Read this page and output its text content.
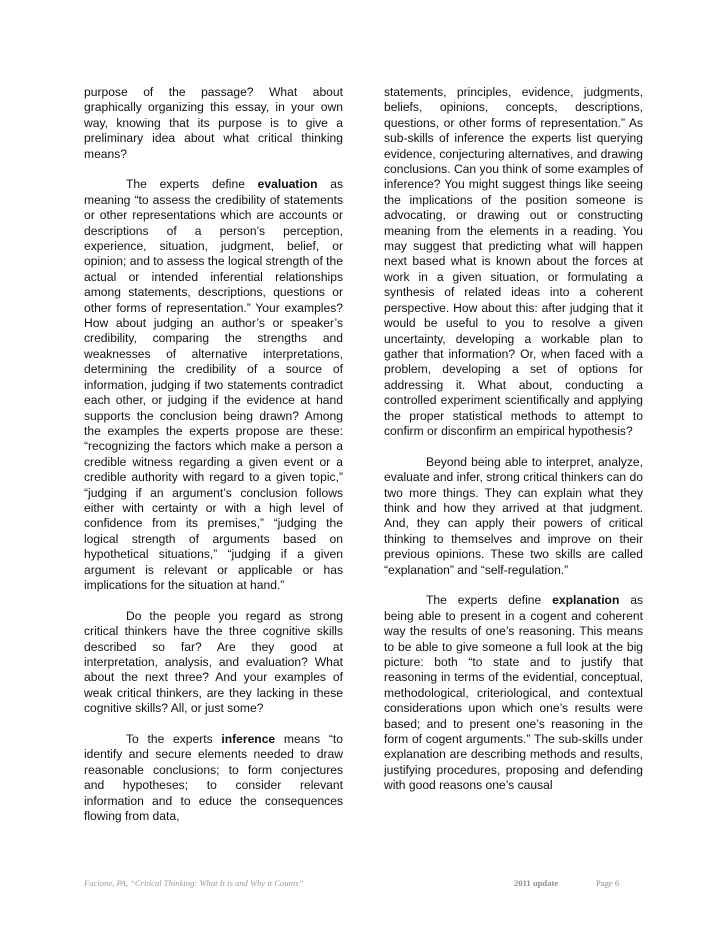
purpose of the passage? What about graphically organizing this essay, in your own way, knowing that its purpose is to give a preliminary idea about what critical thinking means?

The experts define evaluation as meaning “to assess the credibility of statements or other representations which are accounts or descriptions of a person’s perception, experience, situation, judgment, belief, or opinion; and to assess the logical strength of the actual or intended inferential relationships among statements, descriptions, questions or other forms of representation.” Your examples? How about judging an author’s or speaker’s credibility, comparing the strengths and weaknesses of alternative interpretations, determining the credibility of a source of information, judging if two statements contradict each other, or judging if the evidence at hand supports the conclusion being drawn? Among the examples the experts propose are these: “recognizing the factors which make a person a credible witness regarding a given event or a credible authority with regard to a given topic,” “judging if an argument’s conclusion follows either with certainty or with a high level of confidence from its premises,” “judging the logical strength of arguments based on hypothetical situations,” “judging if a given argument is relevant or applicable or has implications for the situation at hand.”

Do the people you regard as strong critical thinkers have the three cognitive skills described so far? Are they good at interpretation, analysis, and evaluation? What about the next three? And your examples of weak critical thinkers, are they lacking in these cognitive skills? All, or just some?

To the experts inference means “to identify and secure elements needed to draw reasonable conclusions; to form conjectures and hypotheses; to consider relevant information and to educe the consequences flowing from data,

statements, principles, evidence, judgments, beliefs, opinions, concepts, descriptions, questions, or other forms of representation.” As sub-skills of inference the experts list querying evidence, conjecturing alternatives, and drawing conclusions. Can you think of some examples of inference? You might suggest things like seeing the implications of the position someone is advocating, or drawing out or constructing meaning from the elements in a reading. You may suggest that predicting what will happen next based what is known about the forces at work in a given situation, or formulating a synthesis of related ideas into a coherent perspective. How about this: after judging that it would be useful to you to resolve a given uncertainty, developing a workable plan to gather that information? Or, when faced with a problem, developing a set of options for addressing it. What about, conducting a controlled experiment scientifically and applying the proper statistical methods to attempt to confirm or disconfirm an empirical hypothesis?

Beyond being able to interpret, analyze, evaluate and infer, strong critical thinkers can do two more things. They can explain what they think and how they arrived at that judgment. And, they can apply their powers of critical thinking to themselves and improve on their previous opinions. These two skills are called “explanation” and “self-regulation.”

The experts define explanation as being able to present in a cogent and coherent way the results of one’s reasoning. This means to be able to give someone a full look at the big picture: both “to state and to justify that reasoning in terms of the evidential, conceptual, methodological, criteriological, and contextual considerations upon which one’s results were based; and to present one’s reasoning in the form of cogent arguments.” The sub-skills under explanation are describing methods and results, justifying procedures, proposing and defending with good reasons one’s causal

Facione, PA, “Critical Thinking: What It is and Why it Counts”	2011 update	Page 6
